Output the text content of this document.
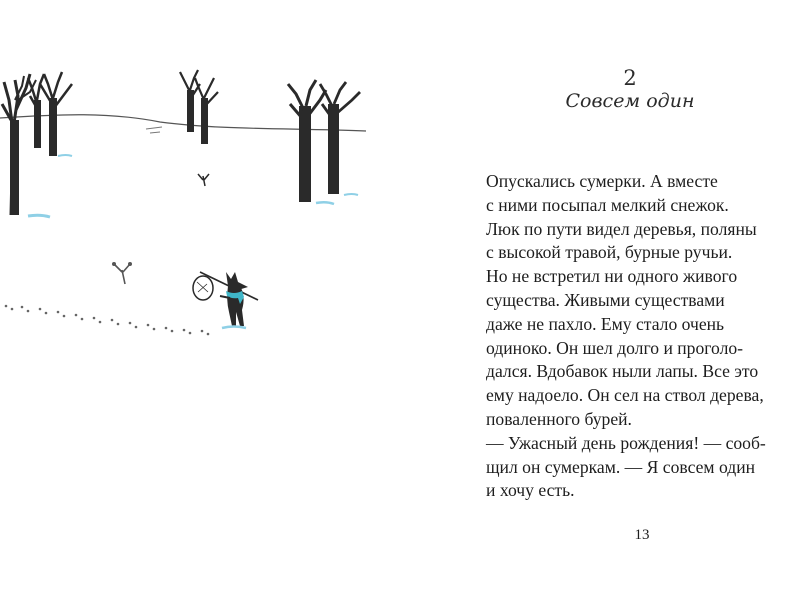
2
Совсем один
Опускались сумерки. А вместе
с ними посыпал мелкий снежок.
Люк по пути видел деревья, поляны
с высокой травой, бурные ручьи.
Но не встретил ни одного живого
существа. Живыми существами
даже не пахло. Ему стало очень
одиноко. Он шел долго и проголо-
дался. Вдобавок ныли лапы. Все это
ему надоело. Он сел на ствол дерева,
поваленного бурей.
— Ужасный день рождения! — сооб-
щил он сумеркам. — Я совсем один
и хочу есть.
13
